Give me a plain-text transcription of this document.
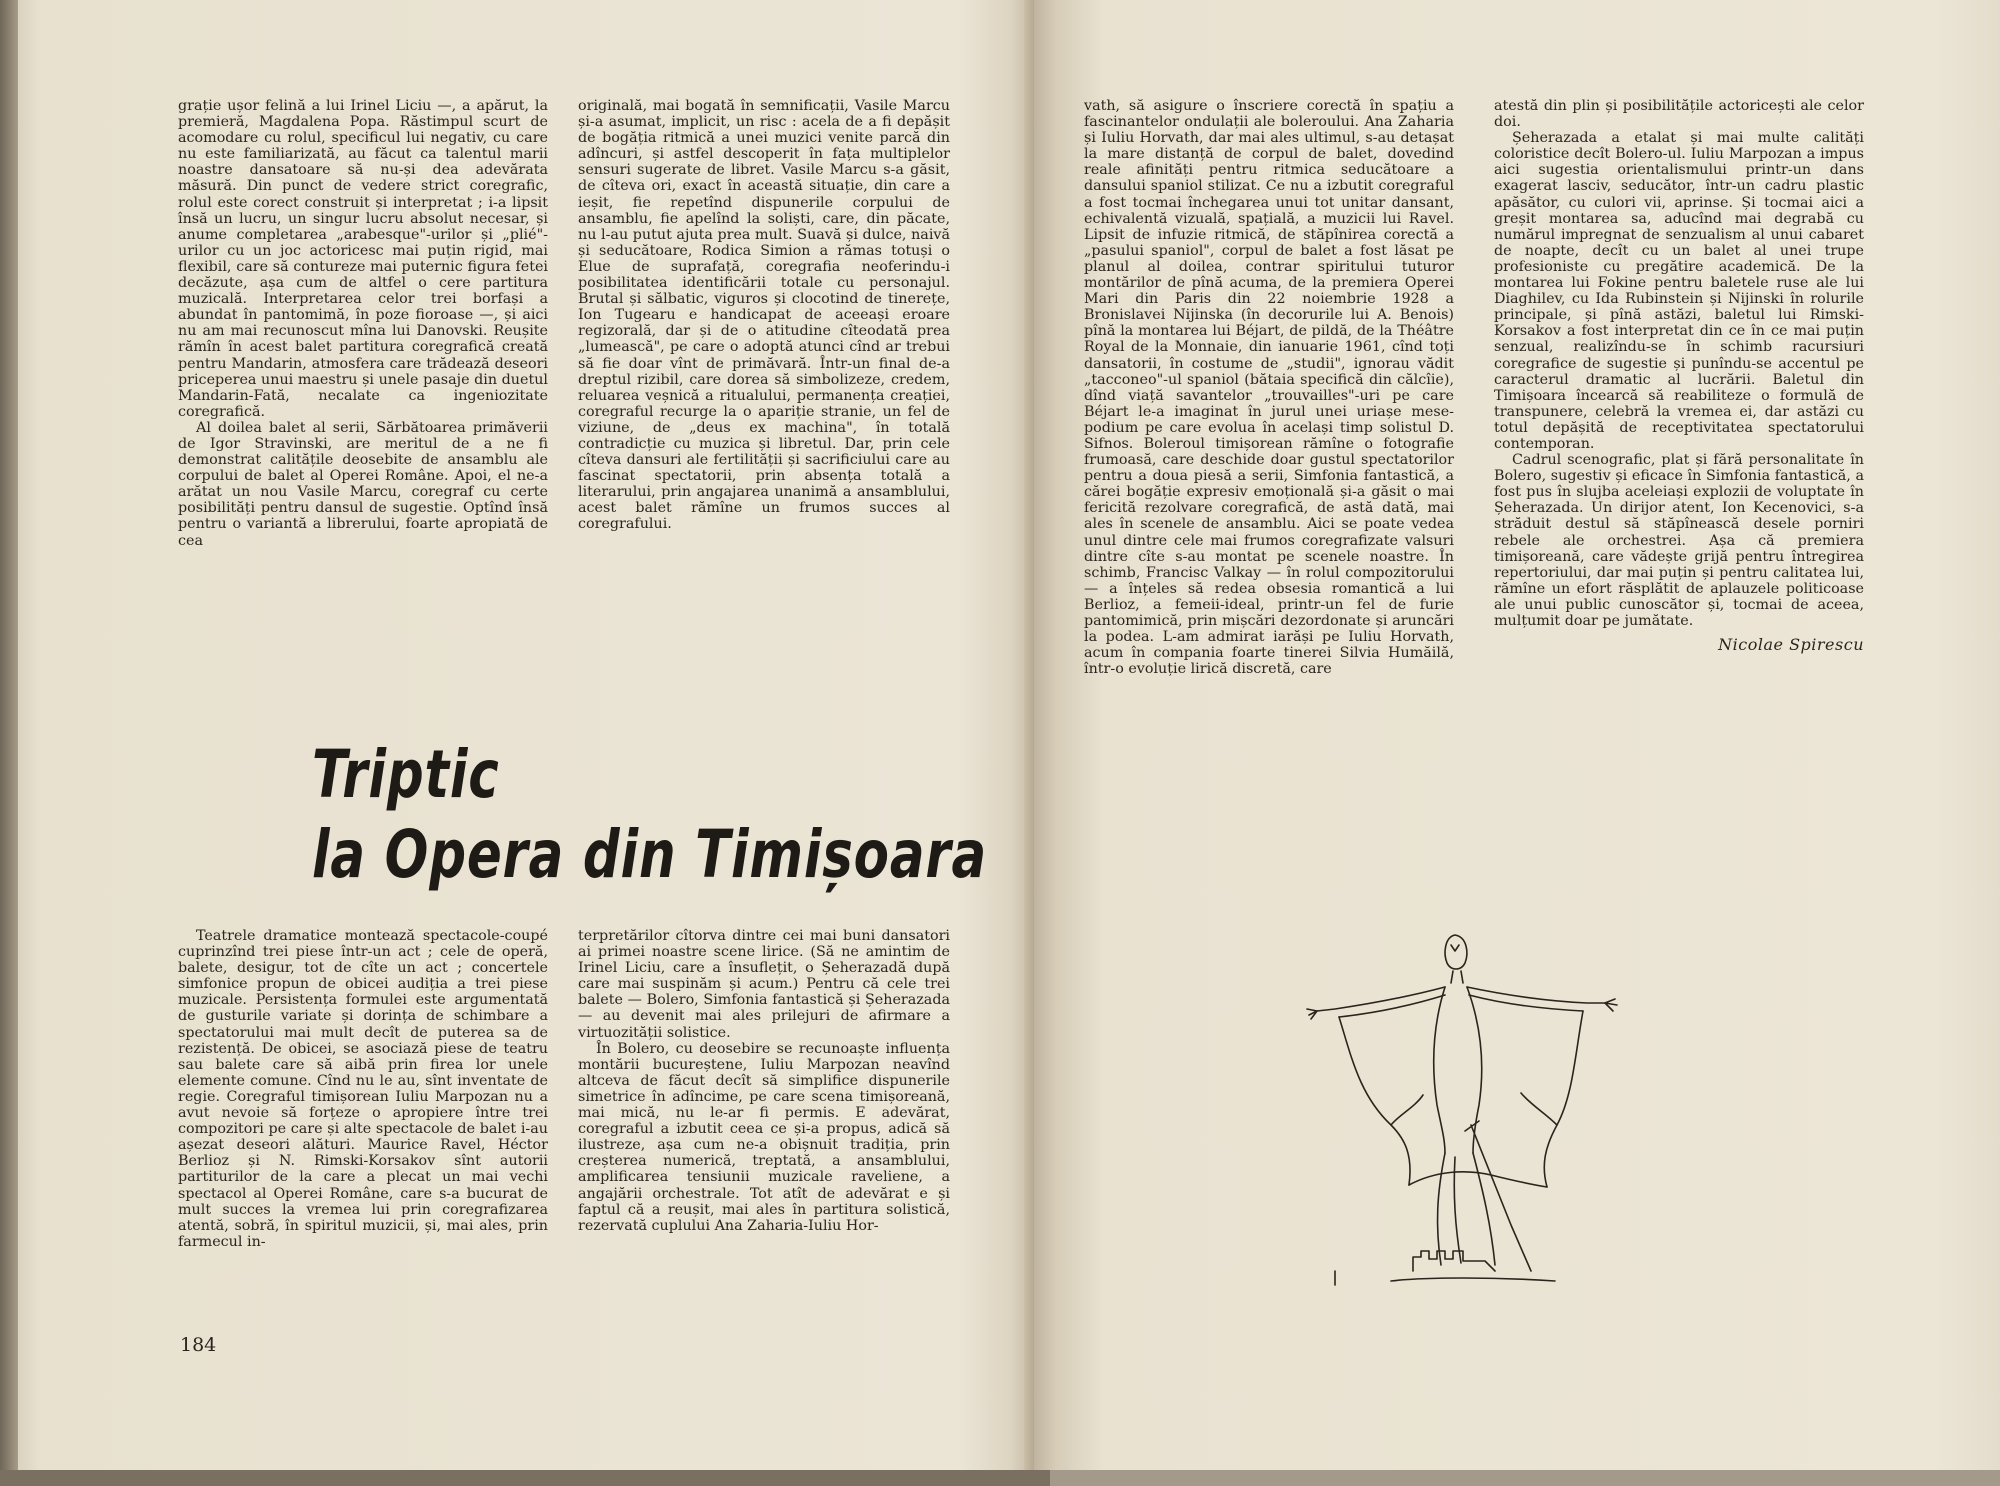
grație ușor felină a lui Irinel Liciu —, a apărut, la premieră, Magdalena Popa. Răstimpul scurt de acomodare cu rolul, specificul lui negativ, cu care nu este familiarizată, au făcut ca talentul marii noastre dansatoare să nu-și dea adevărata măsură. Din punct de vedere strict coregrafic, rolul este corect construit și interpretat ; i-a lipsit însă un lucru, un singur lucru absolut necesar, și anume completarea „arabesque"-urilor și „plié"-urilor cu un joc actoricesc mai puțin rigid, mai flexibil, care să contureze mai puternic figura fetei decăzute, așa cum de altfel o cere partitura muzicală. Interpretarea celor trei borfași a abundat în pantomimă, în poze fioroase —, și aici nu am mai recunoscut mîna lui Danovski. Reușite rămîn în acest balet partitura coregrafică creată pentru Mandarin, atmosfera care trădează deseori priceperea unui maestru și unele pasaje din duetul Mandarin-Fată, necalate ca ingeniozitate coregrafică.

Al doilea balet al serii, Sărbătoarea primăverii de Igor Stravinski, are meritul de a ne fi demonstrat calitățile deosebite de ansamblu ale corpului de balet al Operei Române. Apoi, el ne-a arătat un nou Vasile Marcu, coregraf cu certe posibilități pentru dansul de sugestie. Optînd însă pentru o variantă a librerului, foarte apropiată de cea

originală, mai bogată în semnificații, Vasile Marcu și-a asumat, implicit, un risc : acela de a fi depășit de bogăția ritmică a unei muzici venite parcă din adîncuri, și astfel descoperit în fața multiplelor sensuri sugerate de libret. Vasile Marcu s-a găsit, de cîteva ori, exact în această situație, din care a ieșit, fie repetînd dispunerile corpului de ansamblu, fie apelînd la soliști, care, din păcate, nu l-au putut ajuta prea mult. Suavă și dulce, naivă și seducătoare, Rodica Simion a rămas totuși o Elue de suprafață, coregrafia neoferindu-i posibilitatea identificării totale cu personajul. Brutal și sălbatic, viguros și clocotind de tinerețe, Ion Tugearu e handicapat de aceeași eroare regizorală, dar și de o atitudine cîteodată prea „lumească", pe care o adoptă atunci cînd ar trebui să fie doar vînt de primăvară. Într-un final de-a dreptul rizibil, care dorea să simbolizeze, credem, reluarea veșnică a ritualului, permanența creației, coregraful recurge la o apariție stranie, un fel de viziune, de „deus ex machina", în totală contradicție cu muzica și libretul. Dar, prin cele cîteva dansuri ale fertilității și sacrificiului care au fascinat spectatorii, prin absența totală a literarului, prin angajarea unanimă a ansamblului, acest balet rămîne un frumos succes al coregrafului.

Triptic
la Opera din Timișoara

Teatrele dramatice montează spectacole-coupé cuprinzînd trei piese într-un act ; cele de operă, balete, desigur, tot de cîte un act ; concertele simfonice propun de obicei audiția a trei piese muzicale. Persistența formulei este argumentată de gusturile variate și dorința de schimbare a spectatorului mai mult decît de puterea sa de rezistență. De obicei, se asociază piese de teatru sau balete care să aibă prin firea lor unele elemente comune. Cînd nu le au, sînt inventate de regie. Coregraful timișorean Iuliu Marpozan nu a avut nevoie să forțeze o apropiere între trei compozitori pe care și alte spectacole de balet i-au așezat deseori alături. Maurice Ravel, Héctor Berlioz și N. Rimski-Korsakov sînt autorii partiturilor de la care a plecat un mai vechi spectacol al Operei Române, care s-a bucurat de mult succes la vremea lui prin coregrafizarea atentă, sobră, în spiritul muzicii, și, mai ales, prin farmecul in-

terpretărilor cîtorva dintre cei mai buni dansatori ai primei noastre scene lirice. (Să ne amintim de Irinel Liciu, care a însuflețit, o Șeherazadă după care mai suspinăm și acum.) Pentru că cele trei balete — Bolero, Simfonia fantastică și Șeherazada — au devenit mai ales prilejuri de afirmare a virtuozității solistice.

În Bolero, cu deosebire se recunoaște influența montării bucureștene, Iuliu Marpozan neavînd altceva de făcut decît să simplifice dispunerile simetrice în adîncime, pe care scena timișoreană, mai mică, nu le-ar fi permis. E adevărat, coregraful a izbutit ceea ce și-a propus, adică să ilustreze, așa cum ne-a obișnuit tradiția, prin creșterea numerică, treptată, a ansamblului, amplificarea tensiunii muzicale raveliene, a angajării orchestrale. Tot atît de adevărat e și faptul că a reușit, mai ales în partitura solistică, rezervată cuplului Ana Zaharia-Iuliu Hor-

184

vath, să asigure o înscriere corectă în spațiu a fascinantelor ondulații ale boleroului. Ana Zaharia și Iuliu Horvath, dar mai ales ultimul, s-au detașat la mare distanță de corpul de balet, dovedind reale afinități pentru ritmica seducătoare a dansului spaniol stilizat. Ce nu a izbutit coregraful a fost tocmai închegarea unui tot unitar dansant, echivalentă vizuală, spațială, a muzicii lui Ravel. Lipsit de infuzie ritmică, de stăpînirea corectă a „pasului spaniol", corpul de balet a fost lăsat pe planul al doilea, contrar spiritului tuturor montărilor de pînă acuma, de la premiera Operei Mari din Paris din 22 noiembrie 1928 a Bronislavei Nijinska (în decorurile lui A. Benois) pînă la montarea lui Béjart, de pildă, de la Théâtre Royal de la Monnaie, din ianuarie 1961, cînd toți dansatorii, în costume de „studii", ignorau vădit „tacconeo"-ul spaniol (bătaia specifică din călcîie), dînd viață savantelor „trouvailles"-uri pe care Béjart le-a imaginat în jurul unei uriașe mese-podium pe care evolua în același timp solistul D. Sifnos. Boleroul timișorean rămîne o fotografie frumoasă, care deschide doar gustul spectatorilor pentru a doua piesă a serii, Simfonia fantastică, a cărei bogăție expresiv emoțională și-a găsit o mai fericită rezolvare coregrafică, de astă dată, mai ales în scenele de ansamblu. Aici se poate vedea unul dintre cele mai frumos coregrafizate valsuri dintre cîte s-au montat pe scenele noastre. În schimb, Francisc Valkay — în rolul compozitorului — a înțeles să redea obsesia romantică a lui Berlioz, a femeii-ideal, printr-un fel de furie pantomimică, prin mișcări dezordonate și aruncări la podea. L-am admirat iarăși pe Iuliu Horvath, acum în compania foarte tinerei Silvia Humăilă, într-o evoluție lirică discretă, care

atestă din plin și posibilitățile actoricești ale celor doi.

Șeherazada a etalat și mai multe calități coloristice decît Bolero-ul. Iuliu Marpozan a impus aici sugestia orientalismului printr-un dans exagerat lasciv, seducător, într-un cadru plastic apăsător, cu culori vii, aprinse. Și tocmai aici a greșit montarea sa, aducînd mai degrabă cu numărul impregnat de senzualism al unui cabaret de noapte, decît cu un balet al unei trupe profesioniste cu pregătire academică. De la montarea lui Fokine pentru baletele ruse ale lui Diaghilev, cu Ida Rubinstein și Nijinski în rolurile principale, și pînă astăzi, baletul lui Rimski-Korsakov a fost interpretat din ce în ce mai puțin senzual, realizîndu-se în schimb racursiuri coregrafice de sugestie și punîndu-se accentul pe caracterul dramatic al lucrării. Baletul din Timișoara încearcă să reabiliteze o formulă de transpunere, celebră la vremea ei, dar astăzi cu totul depășită de receptivitatea spectatorului contemporan.

Cadrul scenografic, plat și fără personalitate în Bolero, sugestiv și eficace în Simfonia fantastică, a fost pus în slujba aceleiași explozii de voluptate în Șeherazada. Un dirijor atent, Ion Kecenovici, s-a străduit destul să stăpînească desele porniri rebele ale orchestrei. Așa că premiera timișoreană, care vădește grijă pentru întregirea repertoriului, dar mai puțin și pentru calitatea lui, rămîne un efort răsplătit de aplauzele politicoase ale unui public cunoscător și, tocmai de aceea, mulțumit doar pe jumătate.

Nicolae Spirescu
